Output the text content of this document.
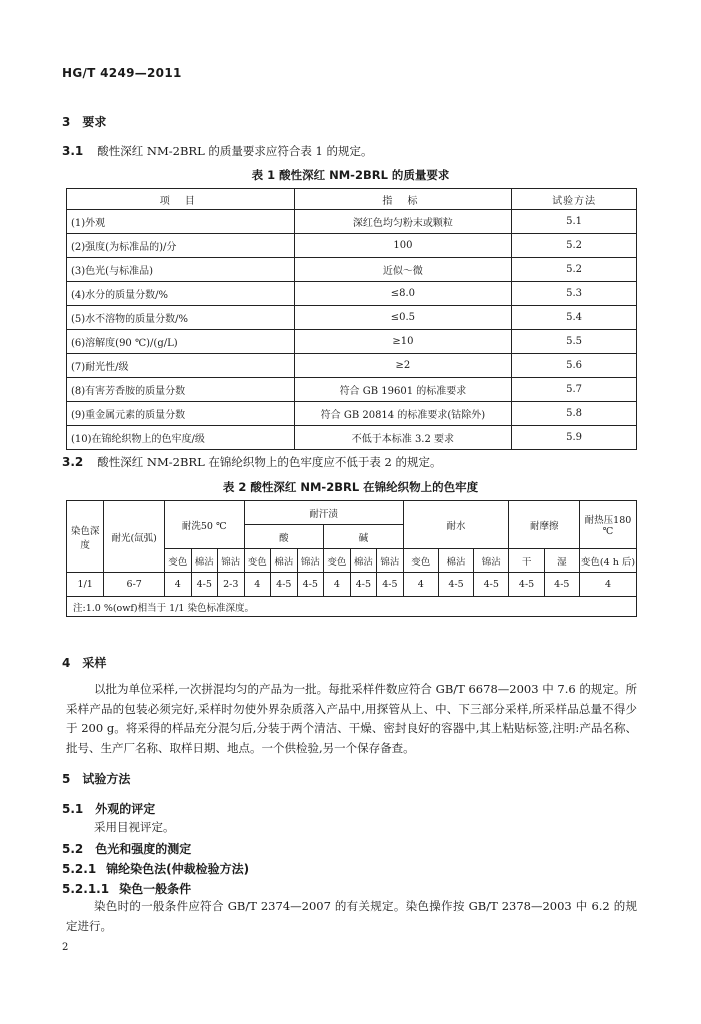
HG/T 4249—2011
3 要求
3.1 酸性深红 NM-2BRL 的质量要求应符合表 1 的规定。
表 1 酸性深红 NM-2BRL 的质量要求
项 目	指 标	试验方法
(1)外观	深红色均匀粉末或颗粒	5.1
(2)强度(为标准品的)/分	100	5.2
(3)色光(与标准品)	近似～微	5.2
(4)水分的质量分数/%	≤8.0	5.3
(5)水不溶物的质量分数/%	≤0.5	5.4
(6)溶解度(90 ℃)/(g/L)	≥10	5.5
(7)耐光性/级	≥2	5.6
(8)有害芳香胺的质量分数	符合 GB 19601 的标准要求	5.7
(9)重金属元素的质量分数	符合 GB 20814 的标准要求(钴除外)	5.8
(10)在锦纶织物上的色牢度/级	不低于本标准 3.2 要求	5.9
3.2 酸性深红 NM-2BRL 在锦纶织物上的色牢度应不低于表 2 的规定。
表 2 酸性深红 NM-2BRL 在锦纶织物上的色牢度
染色深度	耐光(氙弧)	耐洗50 ℃			耐汗渍						耐水			耐摩擦		耐热压180 ℃
					酸			碱								
		变色	棉沾	锦沾	变色	棉沾	锦沾	变色	棉沾	锦沾	变色	棉沾	锦沾	干	湿	变色(4 h 后)
1/1	6-7	4	4-5	2-3	4	4-5	4-5	4	4-5	4-5	4	4-5	4-5	4-5	4-5	4
注:1.0 %(owf)相当于 1/1 染色标准深度。																
4 采样
以批为单位采样,一次拼混均匀的产品为一批。每批采样件数应符合 GB/T 6678—2003 中 7.6 的规定。所采样产品的包装必须完好,采样时勿使外界杂质落入产品中,用探管从上、中、下三部分采样,所采样品总量不得少于 200 g。将采得的样品充分混匀后,分装于两个清洁、干燥、密封良好的容器中,其上粘贴标签,注明:产品名称、批号、生产厂名称、取样日期、地点。一个供检验,另一个保存备查。
5 试验方法
5.1 外观的评定
采用目视评定。
5.2 色光和强度的测定
5.2.1 锦纶染色法(仲裁检验方法)
5.2.1.1 染色一般条件
染色时的一般条件应符合 GB/T 2374—2007 的有关规定。染色操作按 GB/T 2378—2003 中 6.2 的规定进行。
2
